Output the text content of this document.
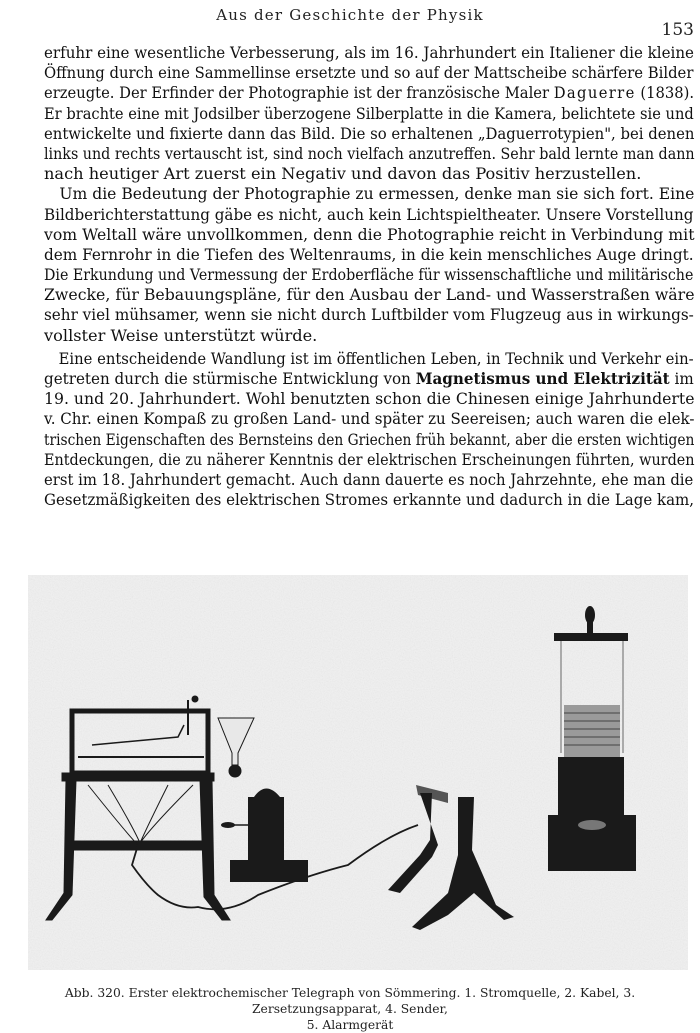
Aus der Geschichte der Physik
153
erfuhr eine wesentliche Verbesserung, als im 16. Jahrhundert ein Italiener die kleine
Öffnung durch eine Sammellinse ersetzte und so auf der Mattscheibe schärfere Bilder
erzeugte. Der Erfinder der Photographie ist der französische Maler Daguerre (1838).
Er brachte eine mit Jodsilber überzogene Silberplatte in die Kamera, belichtete sie und
entwickelte und fixierte dann das Bild. Die so erhaltenen „Daguerrotypien", bei denen
links und rechts vertauscht ist, sind noch vielfach anzutreffen. Sehr bald lernte man dann
nach heutiger Art zuerst ein Negativ und davon das Positiv herzustellen.
Um die Bedeutung der Photographie zu ermessen, denke man sie sich fort. Eine
Bildberichterstattung gäbe es nicht, auch kein Lichtspieltheater. Unsere Vorstellung
vom Weltall wäre unvollkommen, denn die Photographie reicht in Verbindung mit
dem Fernrohr in die Tiefen des Weltenraums, in die kein menschliches Auge dringt.
Die Erkundung und Vermessung der Erdoberfläche für wissenschaftliche und militärische
Zwecke, für Bebauungspläne, für den Ausbau der Land- und Wasserstraßen wäre
sehr viel mühsamer, wenn sie nicht durch Luftbilder vom Flugzeug aus in wirkungs-
vollster Weise unterstützt würde.
Eine entscheidende Wandlung ist im öffentlichen Leben, in Technik und Verkehr ein-
getreten durch die stürmische Entwicklung von Magnetismus und Elektrizität im
19. und 20. Jahrhundert. Wohl benutzten schon die Chinesen einige Jahrhunderte
v. Chr. einen Kompaß zu großen Land- und später zu Seereisen; auch waren die elek-
trischen Eigenschaften des Bernsteins den Griechen früh bekannt, aber die ersten wichtigen
Entdeckungen, die zu näherer Kenntnis der elektrischen Erscheinungen führten, wurden
erst im 18. Jahrhundert gemacht. Auch dann dauerte es noch Jahrzehnte, ehe man die
Gesetzmäßigkeiten des elektrischen Stromes erkannte und dadurch in die Lage kam,
Abb. 320. Erster elektrochemischer Telegraph von Sömmering. 1. Stromquelle, 2. Kabel, 3. Zersetzungsapparat, 4. Sender,
5. Alarmgerät
